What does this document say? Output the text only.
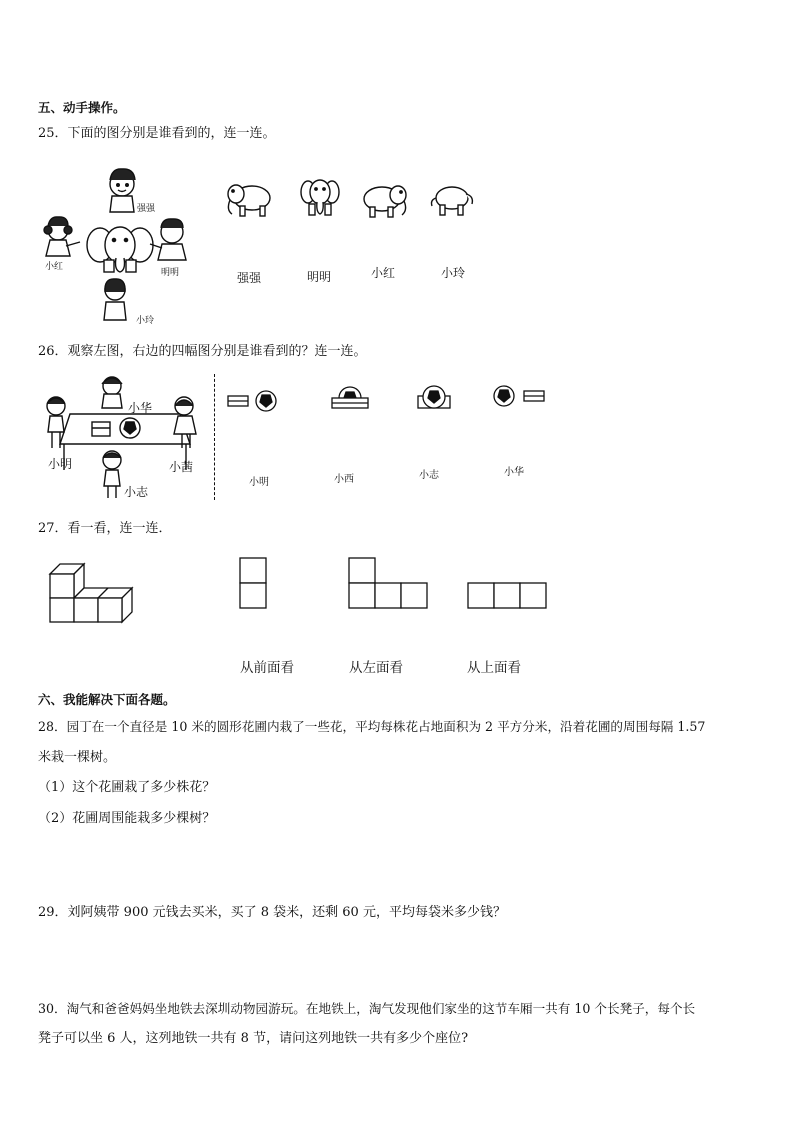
五、动手操作。
25．下面的图分别是谁看到的，连一连。
强强
小红
明明
小玲
强强	明明	小红	小玲
26．观察左图，右边的四幅图分别是谁看到的？连一连。
小华
小明	小茜
小志
小明	小西	小志	小华
27．看一看，连一连．
从前面看	从左面看	从上面看
六、我能解决下面各题。
28．园丁在一个直径是 10 米的圆形花圃内栽了一些花，平均每株花占地面积为 2 平方分米，沿着花圃的周围每隔 1.57
米栽一棵树。
（1）这个花圃栽了多少株花？
（2）花圃周围能栽多少棵树？
29．刘阿姨带 900 元钱去买米，买了 8 袋米，还剩 60 元，平均每袋米多少钱？
30．淘气和爸爸妈妈坐地铁去深圳动物园游玩。在地铁上，淘气发现他们家坐的这节车厢一共有 10 个长凳子，每个长
凳子可以坐 6 人，这列地铁一共有 8 节，请问这列地铁一共有多少个座位?
